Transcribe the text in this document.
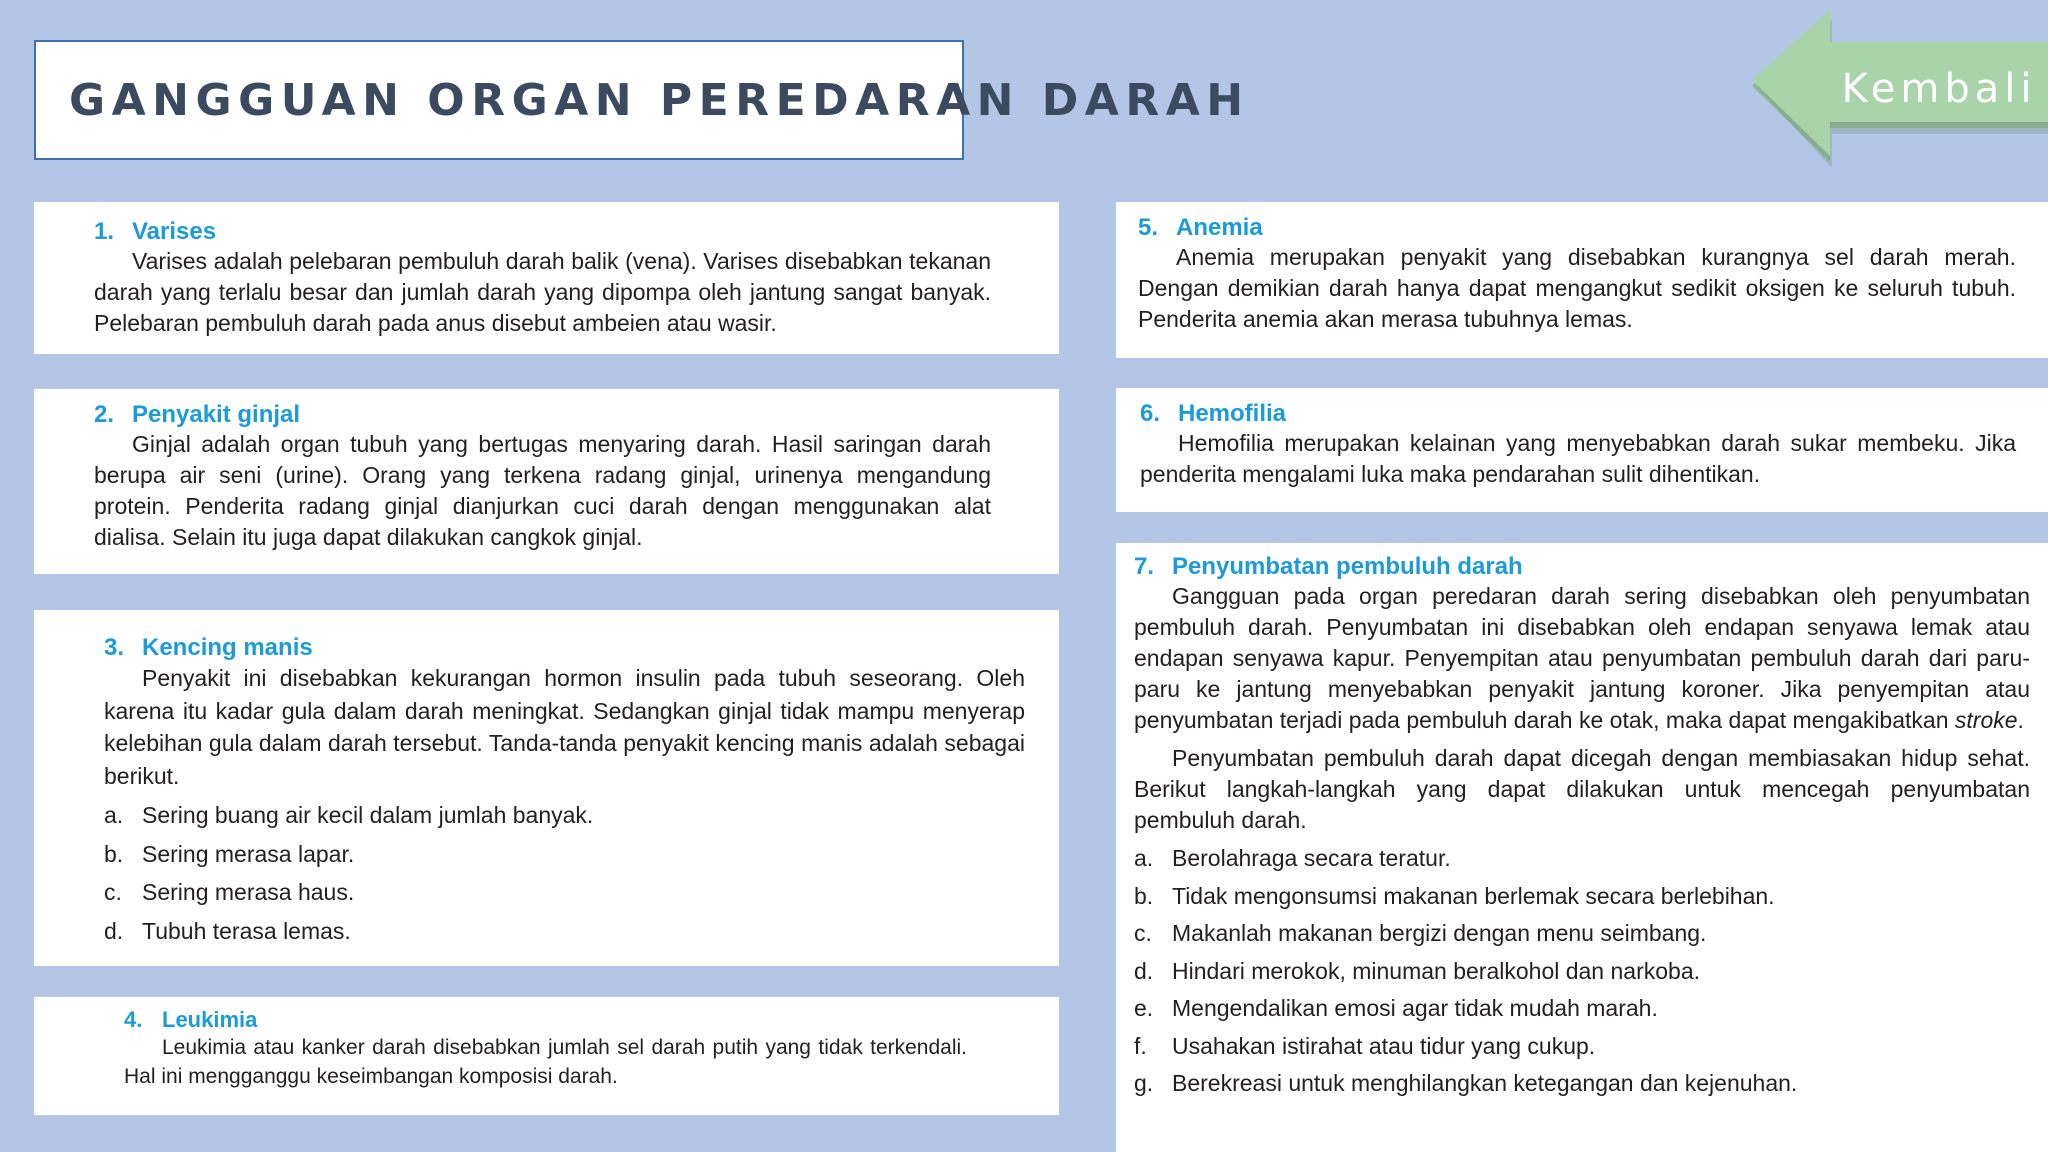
GANGGUAN ORGAN PEREDARAN DARAH	Kembali
1. Varises

Varises adalah pelebaran pembuluh darah balik (vena). Varises disebabkan tekanan darah yang terlalu besar dan jumlah darah yang dipompa oleh jantung sangat banyak. Pelebaran pembuluh darah pada anus disebut ambeien atau wasir.

2. Penyakit ginjal

Ginjal adalah organ tubuh yang bertugas menyaring darah. Hasil saringan darah berupa air seni (urine). Orang yang terkena radang ginjal, urinenya mengandung protein. Penderita radang ginjal dianjurkan cuci darah dengan menggunakan alat dialisa. Selain itu juga dapat dilakukan cangkok ginjal.

3. Kencing manis

Penyakit ini disebabkan kekurangan hormon insulin pada tubuh seseorang. Oleh karena itu kadar gula dalam darah meningkat. Sedangkan ginjal tidak mampu menyerap kelebihan gula dalam darah tersebut. Tanda-tanda penyakit kencing manis adalah sebagai berikut.

a. Sering buang air kecil dalam jumlah banyak.
b. Sering merasa lapar.
c. Sering merasa haus.
d. Tubuh terasa lemas.
4. Leukimia

Leukimia atau kanker darah disebabkan jumlah sel darah putih yang tidak terkendali. Hal ini mengganggu keseimbangan komposisi darah.

5. Anemia

Anemia merupakan penyakit yang disebabkan kurangnya sel darah merah. Dengan demikian darah hanya dapat mengangkut sedikit oksigen ke seluruh tubuh. Penderita anemia akan merasa tubuhnya lemas.

6. Hemofilia

Hemofilia merupakan kelainan yang menyebabkan darah sukar membeku. Jika penderita mengalami luka maka pendarahan sulit dihentikan.

7. Penyumbatan pembuluh darah

Gangguan pada organ peredaran darah sering disebabkan oleh penyumbatan pembuluh darah. Penyumbatan ini disebabkan oleh endapan senyawa lemak atau endapan senyawa kapur. Penyempitan atau penyumbatan pembuluh darah dari paru-paru ke jantung menyebabkan penyakit jantung koroner. Jika penyempitan atau penyumbatan terjadi pada pembuluh darah ke otak, maka dapat mengakibatkan stroke.

Penyumbatan pembuluh darah dapat dicegah dengan membiasakan hidup sehat. Berikut langkah-langkah yang dapat dilakukan untuk mencegah penyumbatan pembuluh darah.

a. Berolahraga secara teratur.
b. Tidak mengonsumsi makanan berlemak secara berlebihan.
c. Makanlah makanan bergizi dengan menu seimbang.
d. Hindari merokok, minuman beralkohol dan narkoba.
e. Mengendalikan emosi agar tidak mudah marah.
f.	Usahakan istirahat atau tidur yang cukup.
g. Berekreasi untuk menghilangkan ketegangan dan kejenuhan.
